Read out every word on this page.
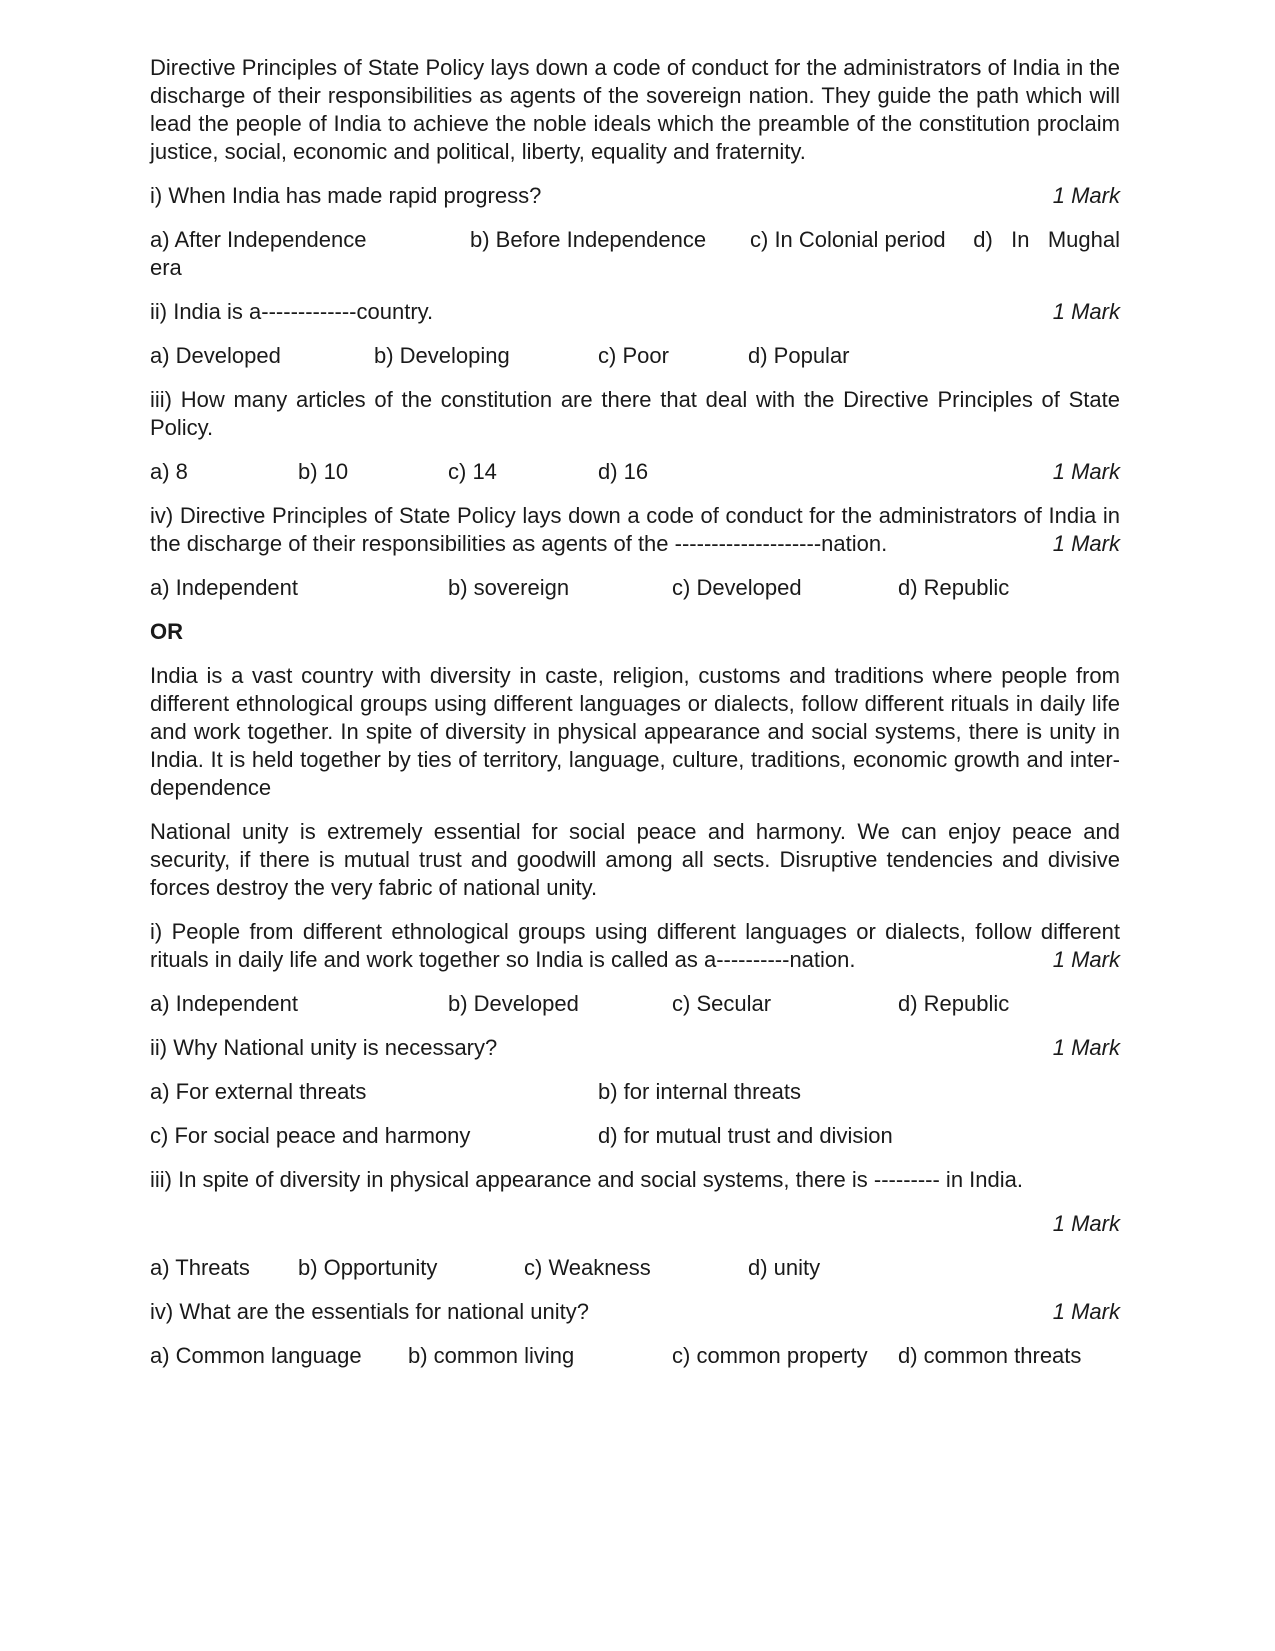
Directive Principles of State Policy lays down a code of conduct for the administrators of India in the discharge of their responsibilities as agents of the sovereign nation. They guide the path which will lead the people of India to achieve the noble ideals which the preamble of the constitution proclaim justice, social, economic and political, liberty, equality and fraternity.

i) When India has made rapid progress?	1 Mark
a) After Independence	b) Before Independence c) In Colonial period d)   In   Mughal
era
ii) India is a-------------country.	1 Mark
a) Developed	b) Developing	c) Poor	d) Popular

iii) How many articles of the constitution are there that deal with the Directive Principles of State Policy.

a) 8	b) 10	c) 14	d) 16	1 Mark

iv) Directive Principles of State Policy lays down a code of conduct for the administrators of India in the discharge of their responsibilities as agents of the --------------------nation.	1 Mark

a) Independent	b) sovereign	c) Developed	d) Republic
OR

India is a vast country with diversity in caste, religion, customs and traditions where people from different ethnological groups using different languages or dialects, follow different rituals in daily life and work together. In spite of diversity in physical appearance and social systems, there is unity in India. It is held together by ties of territory, language, culture, traditions, economic growth and inter-dependence

National unity is extremely essential for social peace and harmony. We can enjoy peace and security, if there is mutual trust and goodwill among all sects. Disruptive tendencies and divisive forces destroy the very fabric of national unity.

i) People from different ethnological groups using different languages or dialects, follow different rituals in daily life and work together so India is called as a----------nation.	1 Mark

a) Independent	b) Developed	c) Secular	d) Republic
ii) Why National unity is necessary?	1 Mark
a) For external threats	b) for internal threats
c) For social peace and harmony	d) for mutual trust and division

iii) In spite of diversity in physical appearance and social systems, there is --------- in India.

1 Mark
a) Threats b) Opportunity	c) Weakness	d) unity
iv) What are the essentials for national unity?	1 Mark
a) Common language b) common living	c) common property d) common threats
